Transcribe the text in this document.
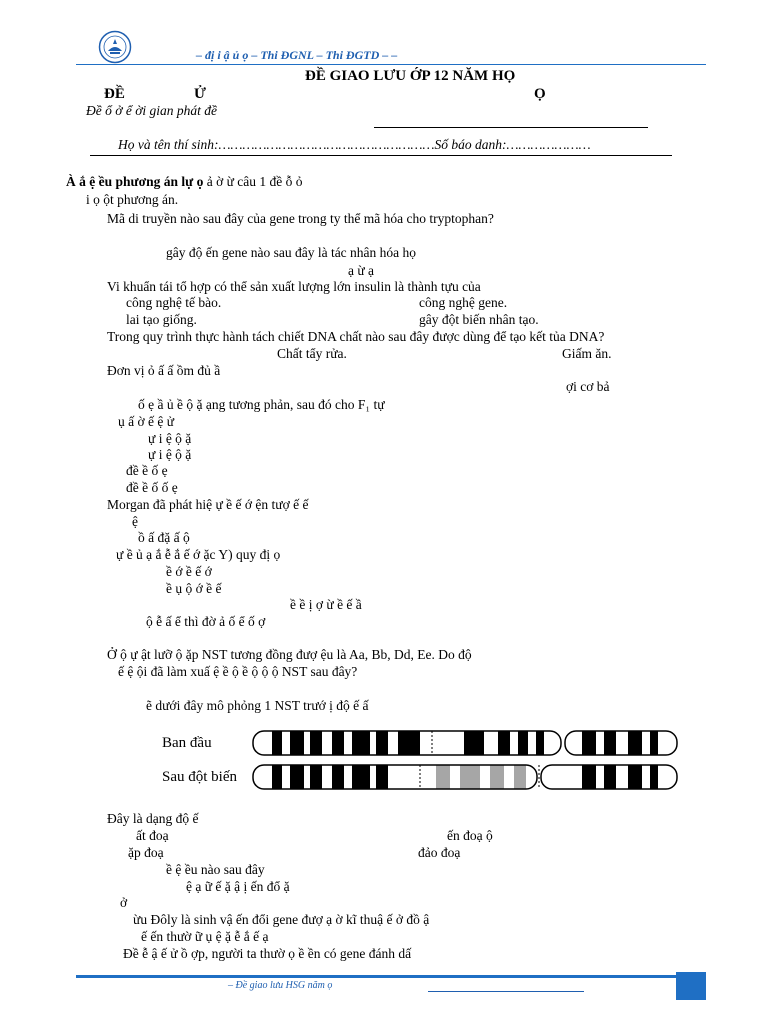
– đị i ậ ủ ọ – Thi ĐGNL – Thi ĐGTD – –
ĐỀ GIAO LƯU ỚP 12 NĂM HỌ
ĐỀ	Ử	Ọ
Đề ổ ở ể ời gian phát đề
Họ và tên thí sinh:………………………………………………Số báo danh:…………………
À ắ ệ ều phương án lự ọ ả ờ ừ câu 1 đề ỗ ỏ
i ọ ột phương án.
Mã di truyền nào sau đây của gene trong ty thể mã hóa cho tryptophan?
gây độ ến gene nào sau đây là tác nhân hóa họ
ạ ừ ạ
Vi khuẩn tái tổ hợp có thể sản xuất lượng lớn insulin là thành tựu của
công nghệ tế bào.	công nghệ gene.
lai tạo giống.	gây đột biến nhân tạo.
Trong quy trình thực hành tách chiết DNA chất nào sau đây được dùng để tạo kết tủa DNA?
Chất tẩy rửa.	Giấm ăn.
Đơn vị ỏ ấ ấ ồm đủ ầ
ợi cơ bả
ố ẹ ầ ủ ề ộ ặ ạng tương phản, sau đó cho F₁ tự
ụ ấ ờ ế ệ ử
ự i ệ ộ ặ
ự i ệ ộ ặ
đề ề ố ẹ
đề ề ố ố ẹ
Morgan đã phát hiệ ự ề ế ớ ện tượ ế ế
ệ
ồ ấ đặ ấ ộ
ự ề ủ ạ ắ ễ ắ ế ớ ặc Y) quy đị ọ
ề ớ ề ế ớ
ề ụ ộ ớ ề ế
ề ề ị ợ ừ ề ế ầ
ộ ễ ấ ể thì đờ ả ố ể ố ợ
Ở ộ ự ật lưỡ ộ ặp NST tương đồng đượ ệu là Aa, Bb, Dd, Ee. Do độ
ế ệ ội đã làm xuấ ệ ề ộ ề ộ ộ ộ NST sau đây?
ẽ dưới đây mô phỏng 1 NST trướ ị độ ế ấ
Ban đầu
Sau đột biến
Đây là dạng độ ế
ất đoạ	ến đoạ ộ
ặp đoạ	đảo đoạ
ề ệ ều nào sau đây
ệ ạ ữ ế ặ ậ ị ến đổ ặ
ở
ừu Đôly là sinh vậ ến đổi gene đượ ạ ờ kĩ thuậ ế ở đồ ậ
ế ến thườ ữ ụ ệ ặ ễ ắ ế ạ
Đề ễ ậ ế ử ồ ợp, người ta thườ ọ ề ền có gene đánh dấ
– Đề giao lưu HSG năm ọ
